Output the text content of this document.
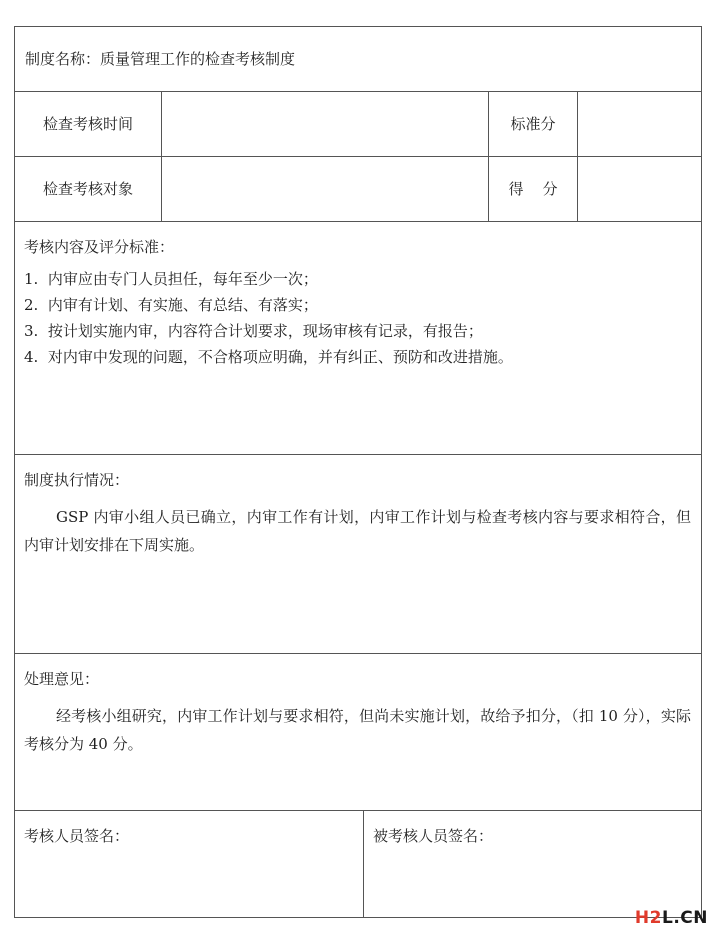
制度名称：质量管理工作的检查考核制度
检查考核时间	标准分
检查考核对象	得    分
考核内容及评分标准：
1.  内审应由专门人员担任，每年至少一次；
2.  内审有计划、有实施、有总结、有落实；
3.  按计划实施内审，内容符合计划要求，现场审核有记录，有报告；
4.  对内审中发现的问题，不合格项应明确，并有纠正、预防和改进措施。
制度执行情况：
GSP 内审小组人员已确立，内审工作有计划，内审工作计划与检查考核内容与要求相符合，但内审计划安排在下周实施。
处理意见：
经考核小组研究，内审工作计划与要求相符，但尚未实施计划，故给予扣分，（扣 10 分），实际考核分为 40 分。
考核人员签名：	被考核人员签名：
H2L.CN
